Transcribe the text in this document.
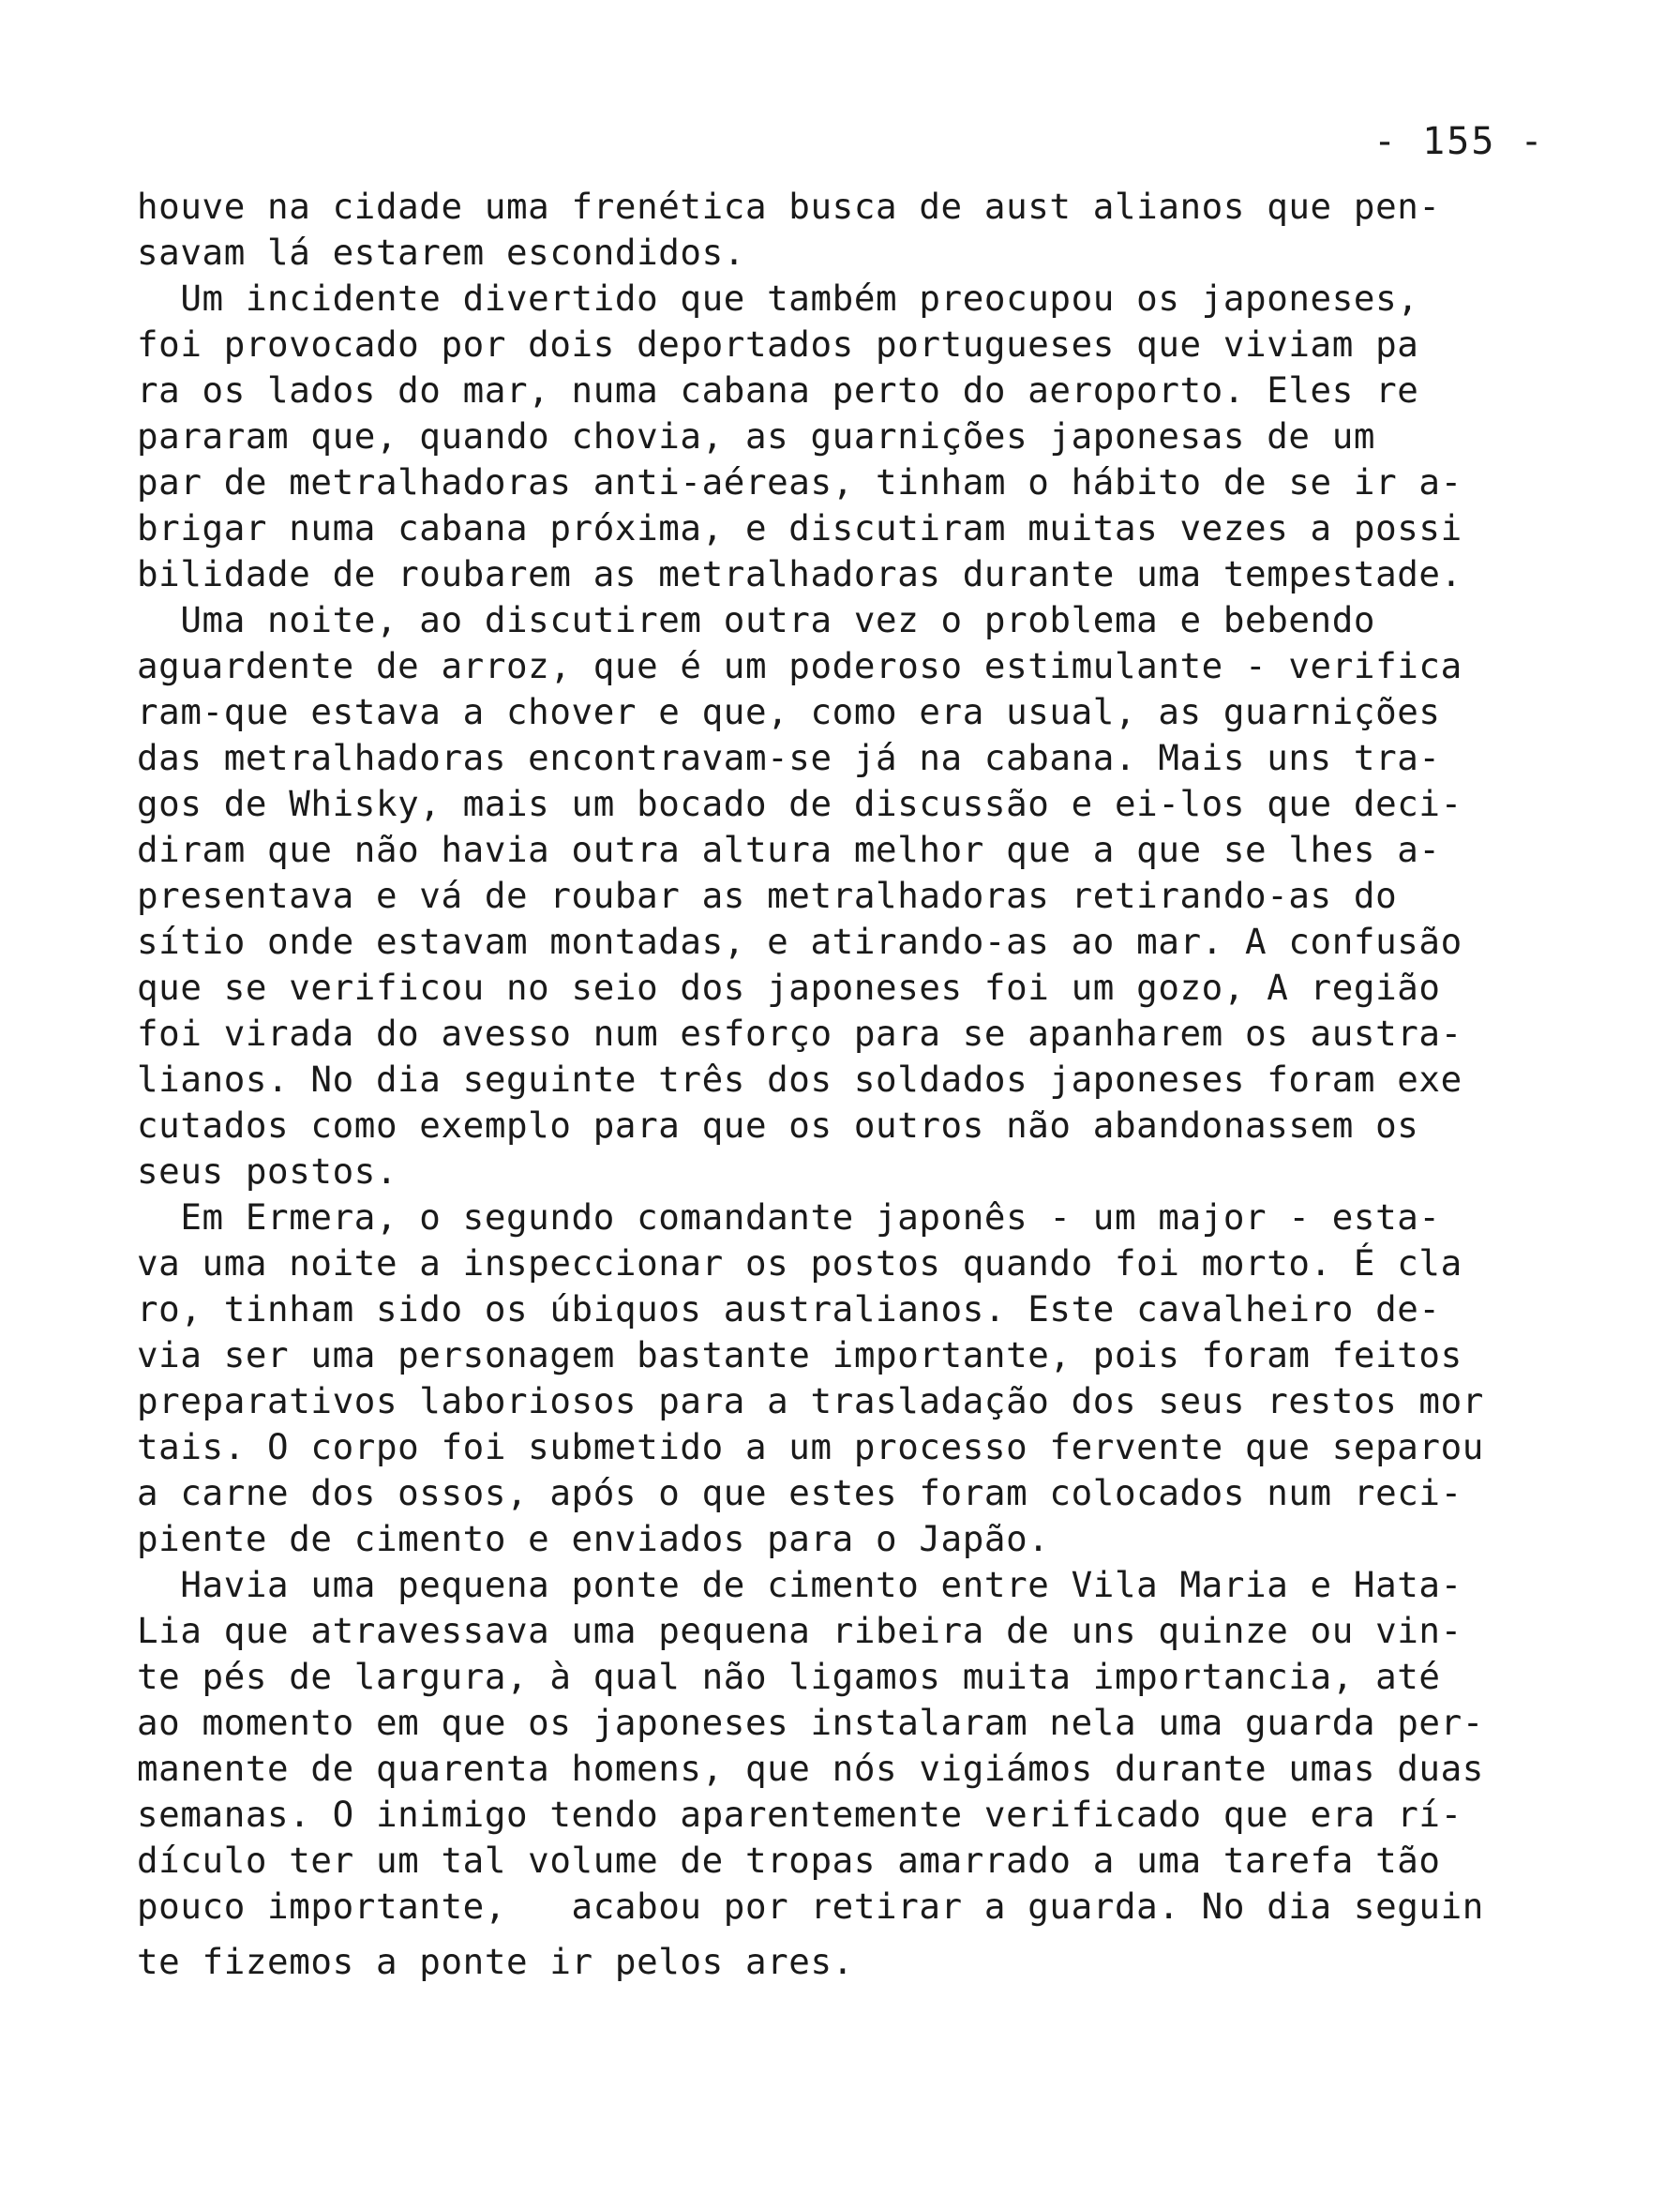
- 155 -
houve na cidade uma frenética busca de aust alianos que pen-
savam lá estarem escondidos.
Um incidente divertido que também preocupou os japoneses,
foi provocado por dois deportados portugueses que viviam pa
ra os lados do mar, numa cabana perto do aeroporto. Eles re
pararam que, quando chovia, as guarnições japonesas de um
par de metralhadoras anti-aéreas, tinham o hábito de se ir a-
brigar numa cabana próxima, e discutiram muitas vezes a possi
bilidade de roubarem as metralhadoras durante uma tempestade.
Uma noite, ao discutirem outra vez o problema e bebendo
aguardente de arroz, que é um poderoso estimulante - verifica
ram-que estava a chover e que, como era usual, as guarnições
das metralhadoras encontravam-se já na cabana. Mais uns tra-
gos de Whisky, mais um bocado de discussão e ei-los que deci-
diram que não havia outra altura melhor que a que se lhes a-
presentava e vá de roubar as metralhadoras retirando-as do
sítio onde estavam montadas, e atirando-as ao mar. A confusão
que se verificou no seio dos japoneses foi um gozo, A região
foi virada do avesso num esforço para se apanharem os austra-
lianos. No dia seguinte três dos soldados japoneses foram exe
cutados como exemplo para que os outros não abandonassem os
seus postos.
Em Ermera, o segundo comandante japonês - um major - esta-
va uma noite a inspeccionar os postos quando foi morto. É cla
ro, tinham sido os úbiquos australianos. Este cavalheiro de-
via ser uma personagem bastante importante, pois foram feitos
preparativos laboriosos para a trasladação dos seus restos mor
tais. O corpo foi submetido a um processo fervente que separou
a carne dos ossos, após o que estes foram colocados num reci-
piente de cimento e enviados para o Japão.
Havia uma pequena ponte de cimento entre Vila Maria e Hata-
Lia que atravessava uma pequena ribeira de uns quinze ou vin-
te pés de largura, à qual não ligamos muita importancia, até
ao momento em que os japoneses instalaram nela uma guarda per-
manente de quarenta homens, que nós vigiámos durante umas duas
semanas. O inimigo tendo aparentemente verificado que era rí-
dículo ter um tal volume de tropas amarrado a uma tarefa tão
pouco importante,   acabou por retirar a guarda. No dia seguin
te fizemos a ponte ir pelos ares.
